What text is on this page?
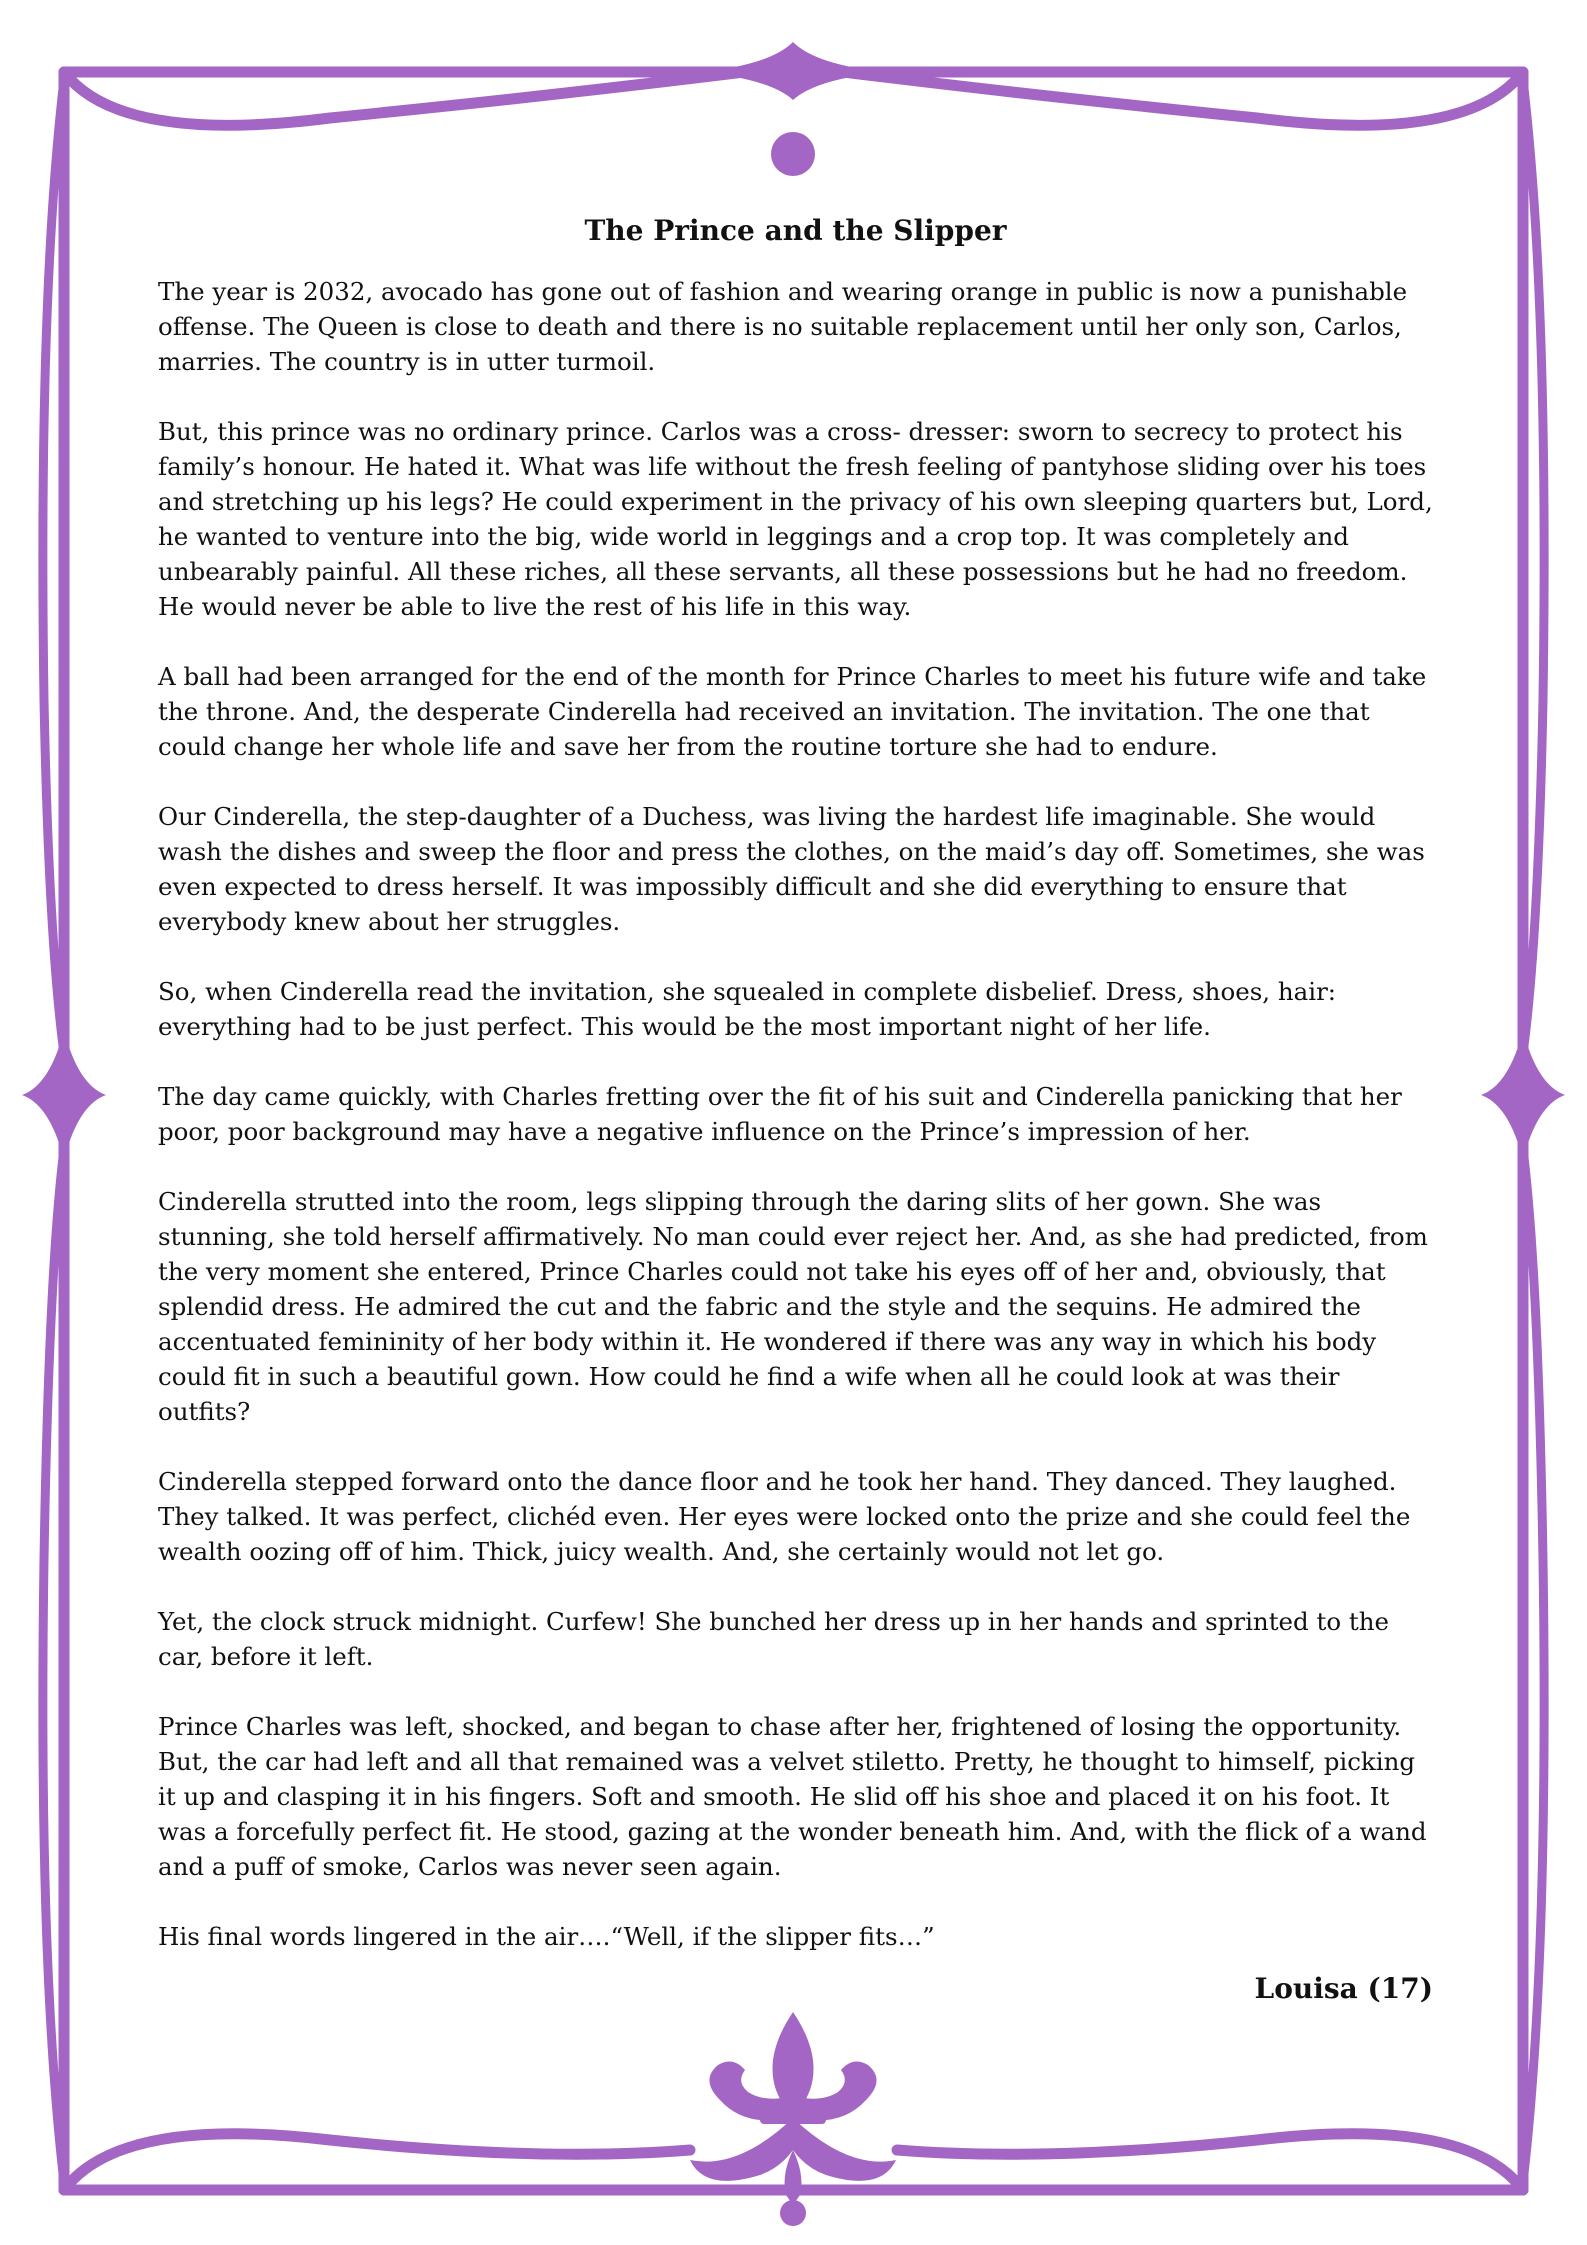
The Prince and the Slipper

The year is 2032, avocado has gone out of fashion and wearing orange in public is now a punishable offense. The Queen is close to death and there is no suitable replacement until her only son, Carlos, marries. The country is in utter turmoil.

But, this prince was no ordinary prince. Carlos was a cross- dresser: sworn to secrecy to protect his family’s honour. He hated it. What was life without the fresh feeling of pantyhose sliding over his toes and stretching up his legs? He could experiment in the privacy of his own sleeping quarters but, Lord, he wanted to venture into the big, wide world in leggings and a crop top. It was completely and unbearably painful. All these riches, all these servants, all these possessions but he had no freedom. He would never be able to live the rest of his life in this way.

A ball had been arranged for the end of the month for Prince Charles to meet his future wife and take the throne. And, the desperate Cinderella had received an invitation. The invitation. The one that could change her whole life and save her from the routine torture she had to endure.

Our Cinderella, the step-daughter of a Duchess, was living the hardest life imaginable. She would wash the dishes and sweep the floor and press the clothes, on the maid’s day off. Sometimes, she was even expected to dress herself. It was impossibly difficult and she did everything to ensure that everybody knew about her struggles.

So, when Cinderella read the invitation, she squealed in complete disbelief. Dress, shoes, hair: everything had to be just perfect. This would be the most important night of her life.

The day came quickly, with Charles fretting over the fit of his suit and Cinderella panicking that her poor, poor background may have a negative influence on the Prince’s impression of her.

Cinderella strutted into the room, legs slipping through the daring slits of her gown. She was stunning, she told herself affirmatively. No man could ever reject her. And, as she had predicted, from the very moment she entered, Prince Charles could not take his eyes off of her and, obviously, that splendid dress. He admired the cut and the fabric and the style and the sequins. He admired the accentuated femininity of her body within it. He wondered if there was any way in which his body could fit in such a beautiful gown. How could he find a wife when all he could look at was their outfits?

Cinderella stepped forward onto the dance floor and he took her hand. They danced. They laughed. They talked. It was perfect, clichéd even. Her eyes were locked onto the prize and she could feel the wealth oozing off of him. Thick, juicy wealth. And, she certainly would not let go.

Yet, the clock struck midnight. Curfew! She bunched her dress up in her hands and sprinted to the car, before it left.

Prince Charles was left, shocked, and began to chase after her, frightened of losing the opportunity. But, the car had left and all that remained was a velvet stiletto. Pretty, he thought to himself, picking it up and clasping it in his fingers. Soft and smooth. He slid off his shoe and placed it on his foot. It was a forcefully perfect fit. He stood, gazing at the wonder beneath him. And, with the flick of a wand and a puff of smoke, Carlos was never seen again.

His final words lingered in the air….“Well, if the slipper fits…”

Louisa (17)
